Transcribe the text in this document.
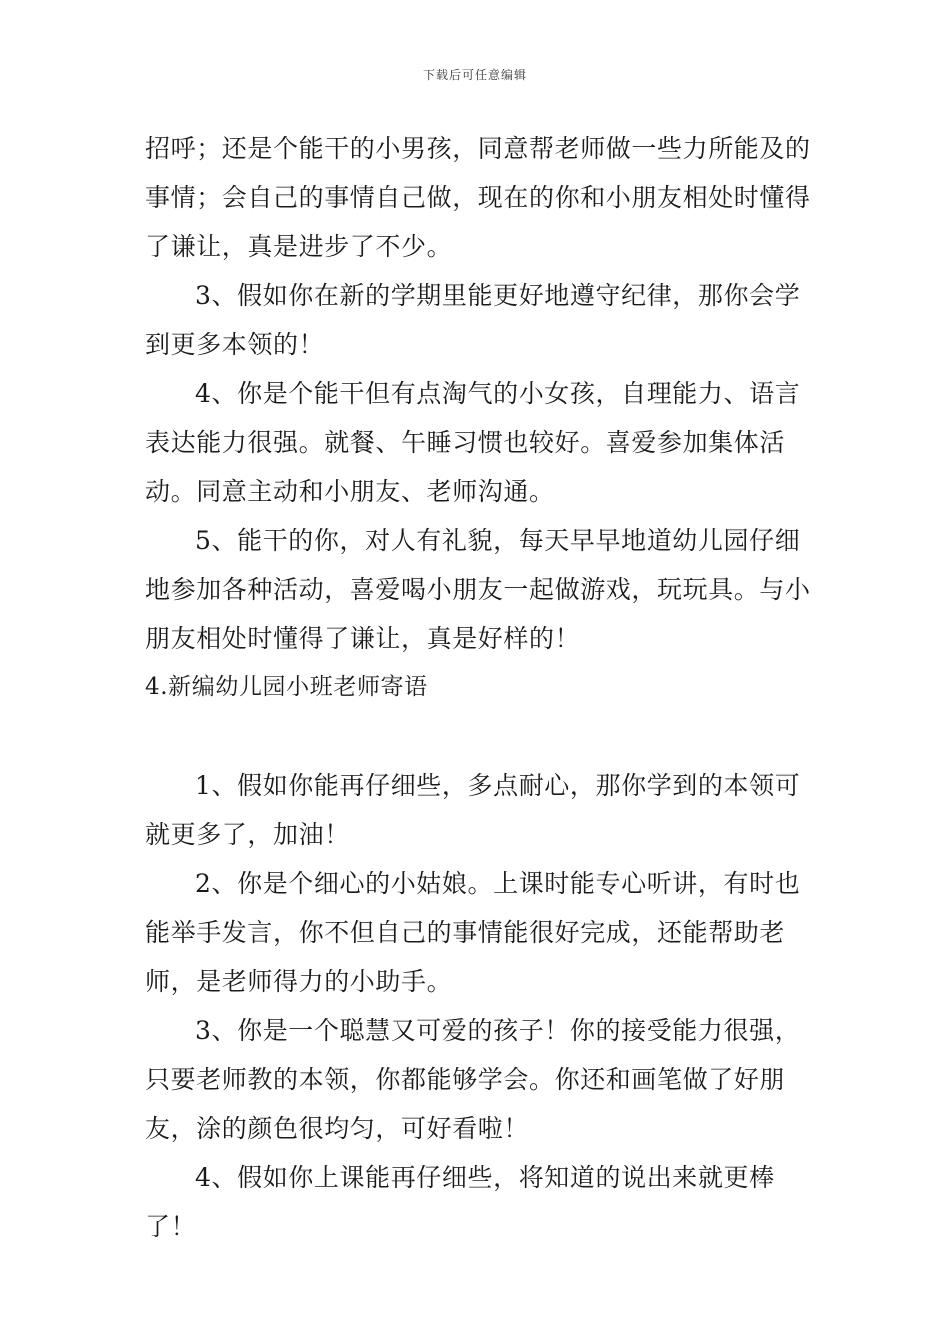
下载后可任意编辑

招呼；还是个能干的小男孩，同意帮老师做一些力所能及的事情；会自己的事情自己做，现在的你和小朋友相处时懂得了谦让，真是进步了不少。

3、假如你在新的学期里能更好地遵守纪律，那你会学到更多本领的！

4、你是个能干但有点淘气的小女孩，自理能力、语言表达能力很强。就餐、午睡习惯也较好。喜爱参加集体活动。同意主动和小朋友、老师沟通。

5、能干的你，对人有礼貌，每天早早地道幼儿园仔细地参加各种活动，喜爱喝小朋友一起做游戏，玩玩具。与小朋友相处时懂得了谦让，真是好样的！

4.新编幼儿园小班老师寄语

1、假如你能再仔细些，多点耐心，那你学到的本领可就更多了，加油！

2、你是个细心的小姑娘。上课时能专心听讲，有时也能举手发言，你不但自己的事情能很好完成，还能帮助老师，是老师得力的小助手。

3、你是一个聪慧又可爱的孩子！你的接受能力很强，只要老师教的本领，你都能够学会。你还和画笔做了好朋友，涂的颜色很均匀，可好看啦！

4、假如你上课能再仔细些，将知道的说出来就更棒了！
